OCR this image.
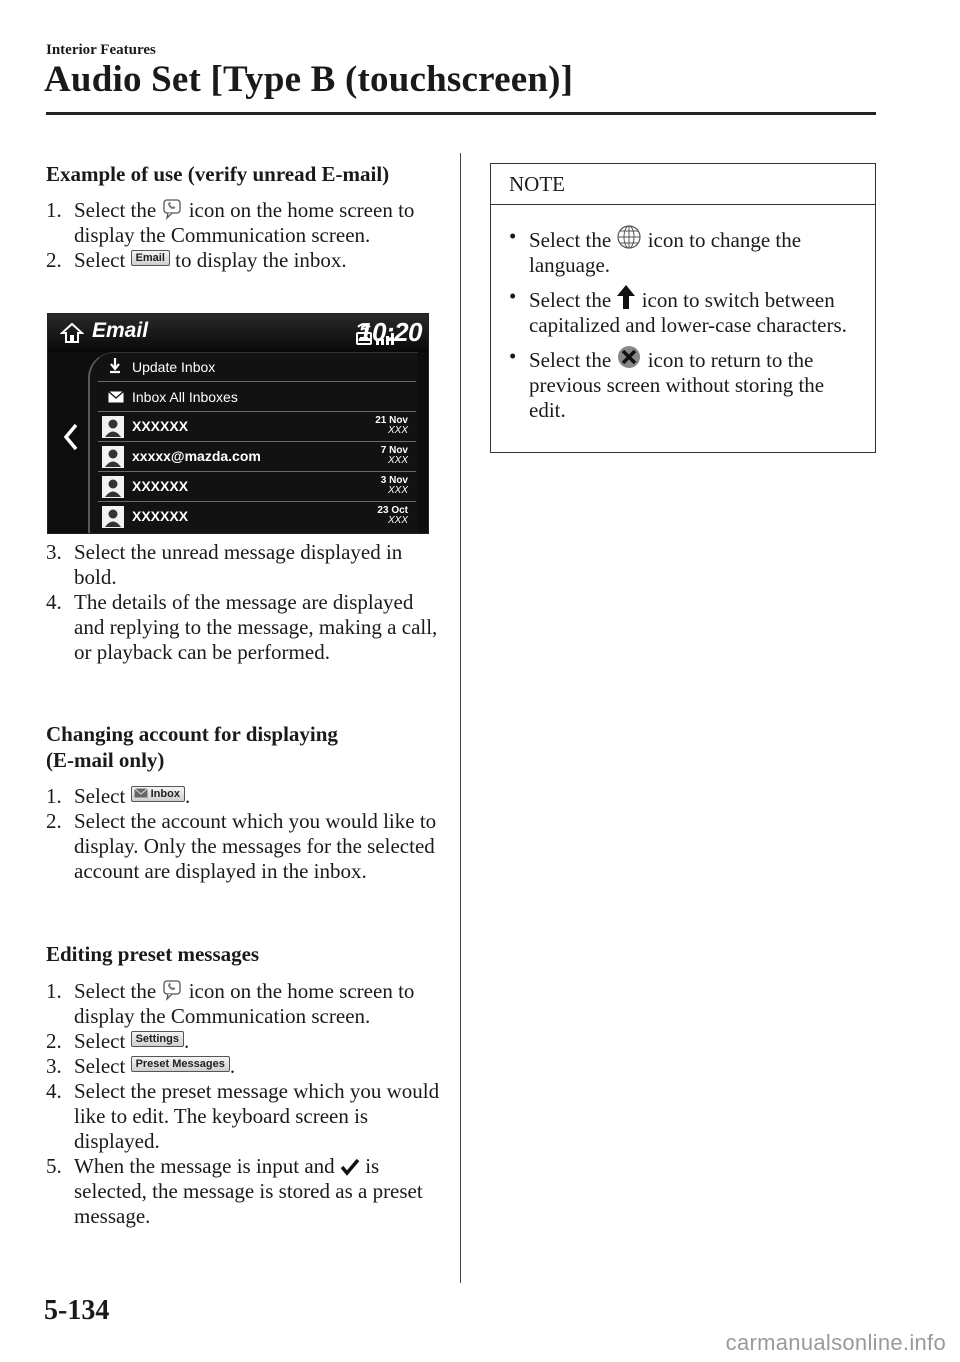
Interior Features
Audio Set [Type B (touchscreen)]
Example of use (verify unread E-mail)
1. Select the icon on the home screen to display the Communication screen.
2. Select Email to display the inbox.
Email	10:20
Update Inbox
Inbox All Inboxes
XXXXXX	21 Nov
XXX
xxxxx@mazda.com	7 Nov
XXX
XXXXXX	3 Nov
XXX
XXXXXX	23 Oct
XXX
3. Select the unread message displayed in bold.
4. The details of the message are displayed and replying to the message, making a call, or playback can be performed.
Changing account for displaying
(E-mail only)
1. Select Inbox .
2. Select the account which you would like to display. Only the messages for the selected account are displayed in the inbox.
Editing preset messages
1. Select the icon on the home screen to display the Communication screen.
2. Select Settings .
3. Select Preset Messages .
4. Select the preset message which you would like to edit. The keyboard screen is displayed.
5. When the message is input and is selected, the message is stored as a preset message.
NOTE
• Select the icon to change the language.
• Select the icon to switch between capitalized and lower-case characters.
• Select the icon to return to the previous screen without storing the edit.
5-134
carmanualsonline.info
